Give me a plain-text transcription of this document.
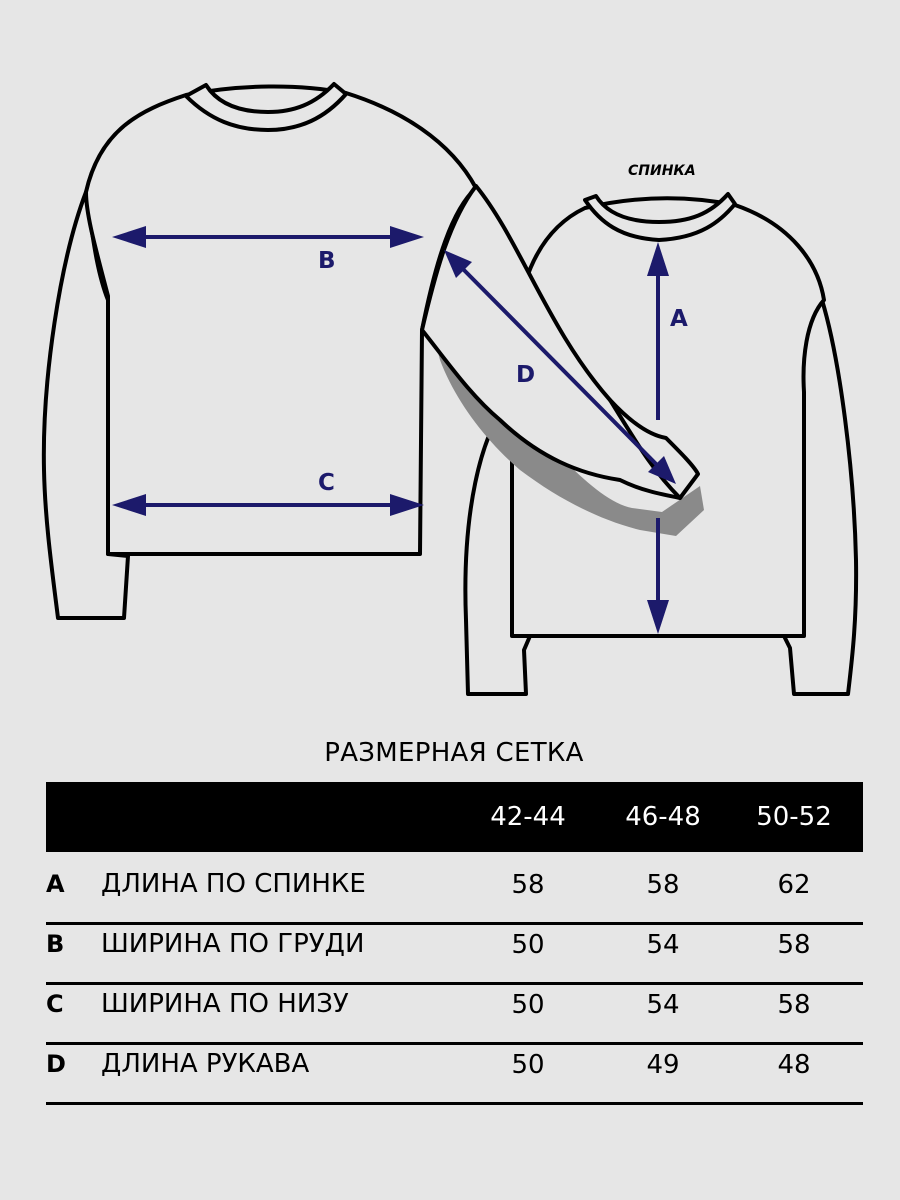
B
C
D
A
СПИНКА
РАЗМЕРНАЯ СЕТКА
42-44	46-48	50-52
A ДЛИНА ПО СПИНКЕ	58	58	62
B ШИРИНА ПО ГРУДИ	50	54	58
C ШИРИНА ПО НИЗУ	50	54	58
D ДЛИНА РУКАВА	50	49	48
